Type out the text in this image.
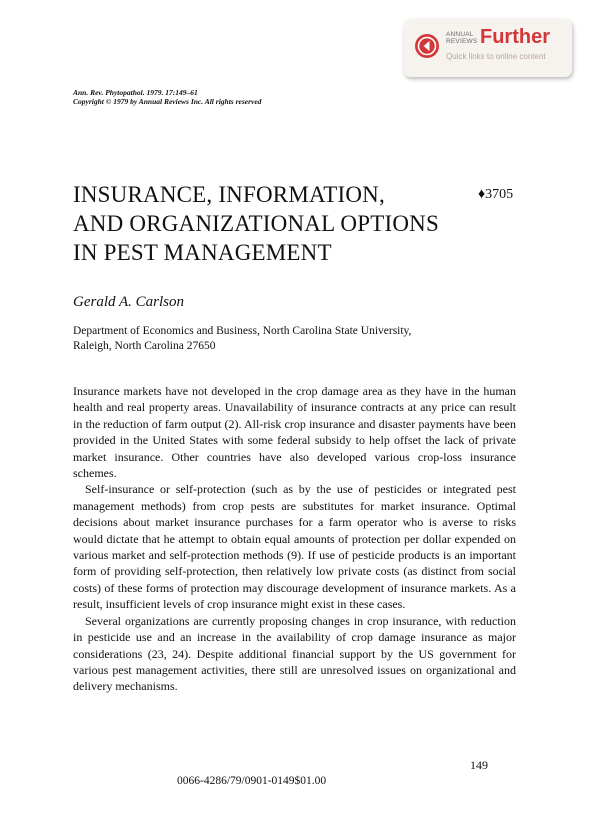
ANNUAL
REVIEWS Further
Quick links to online content
Ann. Rev. Phytopathol. 1979. 17:149–61
Copyright © 1979 by Annual Reviews Inc. All rights reserved
INSURANCE, INFORMATION,
AND ORGANIZATIONAL OPTIONS
IN PEST MANAGEMENT
♦3705
Gerald A. Carlson
Department of Economics and Business, North Carolina State University,
Raleigh, North Carolina 27650

Insurance markets have not developed in the crop damage area as they have in the human health and real property areas. Unavailability of insurance contracts at any price can result in the reduction of farm output (2). All-risk crop insurance and disaster payments have been provided in the United States with some federal subsidy to help offset the lack of private market insurance. Other countries have also developed various crop-loss insurance schemes.

Self-insurance or self-protection (such as by the use of pesticides or integrated pest management methods) from crop pests are substitutes for market insurance. Optimal decisions about market insurance purchases for a farm operator who is averse to risks would dictate that he attempt to obtain equal amounts of protection per dollar expended on various market and self-protection methods (9). If use of pesticide products is an important form of providing self-protection, then relatively low private costs (as distinct from social costs) of these forms of protection may discourage development of insurance markets. As a result, insufficient levels of crop insurance might exist in these cases.

Several organizations are currently proposing changes in crop insurance, with reduction in pesticide use and an increase in the availability of crop damage insurance as major considerations (23, 24). Despite additional financial support by the US government for various pest management activities, there still are unresolved issues on organizational and delivery mechanisms.

149
0066-4286/79/0901-0149$01.00
